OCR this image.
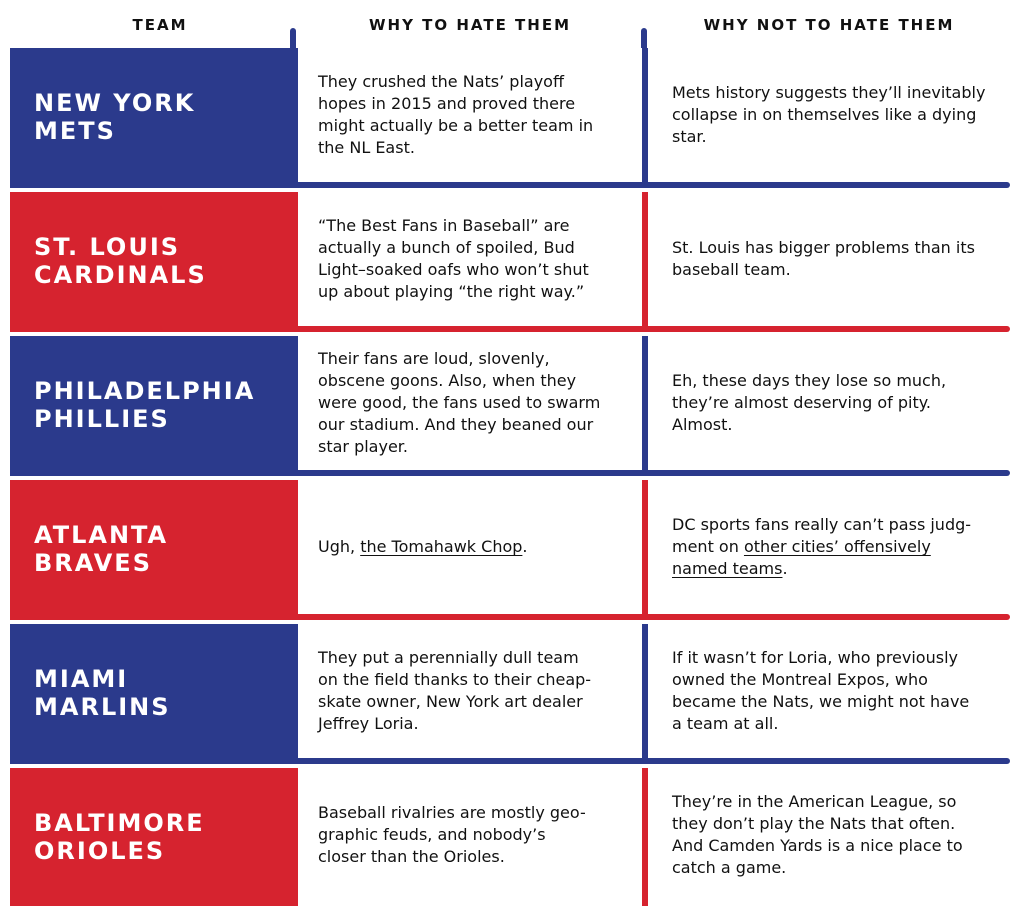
TEAM	WHY TO HATE THEM	WHY NOT TO HATE THEM
NEW YORK
METS
They crushed the Nats’ playoff
hopes in 2015 and proved there
might actually be a better team in
the NL East.
Mets history suggests they’ll inevitably
collapse in on themselves like a dying
star.
ST. LOUIS
CARDINALS
“The Best Fans in Baseball” are
actually a bunch of spoiled, Bud
Light–soaked oafs who won’t shut
up about playing “the right way.”
St. Louis has bigger problems than its
baseball team.
PHILADELPHIA
PHILLIES
Their fans are loud, slovenly,
obscene goons. Also, when they
were good, the fans used to swarm
our stadium. And they beaned our
star player.
Eh, these days they lose so much,
they’re almost deserving of pity.
Almost.
ATLANTA
BRAVES
Ugh, the Tomahawk Chop.
DC sports fans really can’t pass judg-
ment on other cities’ offensively
named teams.
MIAMI
MARLINS
They put a perennially dull team
on the field thanks to their cheap-
skate owner, New York art dealer
Jeffrey Loria.
If it wasn’t for Loria, who previously
owned the Montreal Expos, who
became the Nats, we might not have
a team at all.
BALTIMORE
ORIOLES
Baseball rivalries are mostly geo-
graphic feuds, and nobody’s
closer than the Orioles.
They’re in the American League, so
they don’t play the Nats that often.
And Camden Yards is a nice place to
catch a game.
